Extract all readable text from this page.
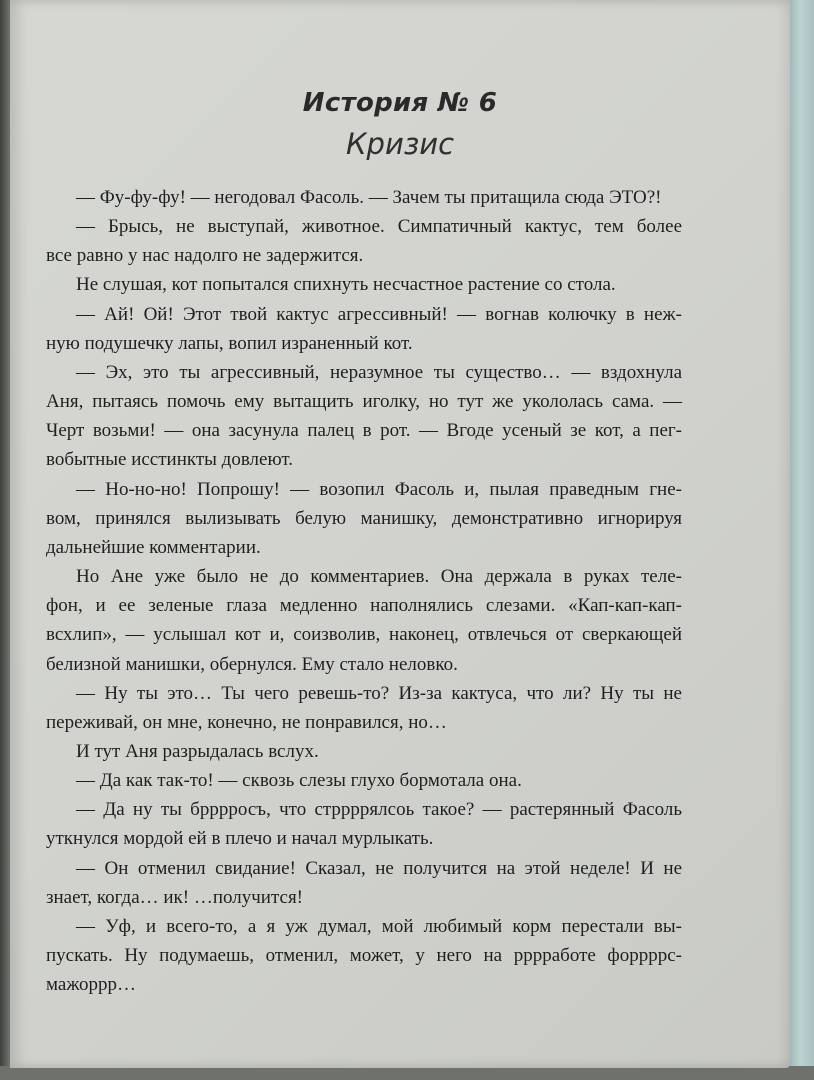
История № 6
Кризис
— Фу-фу-фу! — негодовал Фасоль. — Зачем ты притащила сюда ЭТО?!
— Брысь, не выступай, животное. Симпатичный кактус, тем более
все равно у нас надолго не задержится.
Не слушая, кот попытался спихнуть несчастное растение со стола.
— Ай! Ой! Этот твой кактус агрессивный! — вогнав колючку в неж-
ную подушечку лапы, вопил израненный кот.
— Эх, это ты агрессивный, неразумное ты существо… — вздохнула
Аня, пытаясь помочь ему вытащить иголку, но тут же укололась сама. —
Черт возьми! — она засунула палец в рот. — Вгоде усеный зе кот, а пег-
вобытные исстинкты довлеют.
— Но-но-но! Попрошу! — возопил Фасоль и, пылая праведным гне-
вом, принялся вылизывать белую манишку, демонстративно игнорируя
дальнейшие комментарии.
Но Ане уже было не до комментариев. Она держала в руках теле-
фон, и ее зеленые глаза медленно наполнялись слезами. «Кап-кап-кап-
всхлип», — услышал кот и, соизволив, наконец, отвлечься от сверкающей
белизной манишки, обернулся. Ему стало неловко.
— Ну ты это… Ты чего ревешь-то? Из-за кактуса, что ли? Ну ты не
переживай, он мне, конечно, не понравился, но…
И тут Аня разрыдалась вслух.
— Да как так-то! — сквозь слезы глухо бормотала она.
— Да ну ты брррросъ, что стррррялсоь такое? — растерянный Фасоль
уткнулся мордой ей в плечо и начал мурлыкать.
— Он отменил свидание! Сказал, не получится на этой неделе! И не
знает, когда… ик! …получится!
— Уф, и всего-то, а я уж думал, мой любимый корм перестали вы-
пускать. Ну подумаешь, отменил, может, у него на рррработе форрррс-
мажоррр…
